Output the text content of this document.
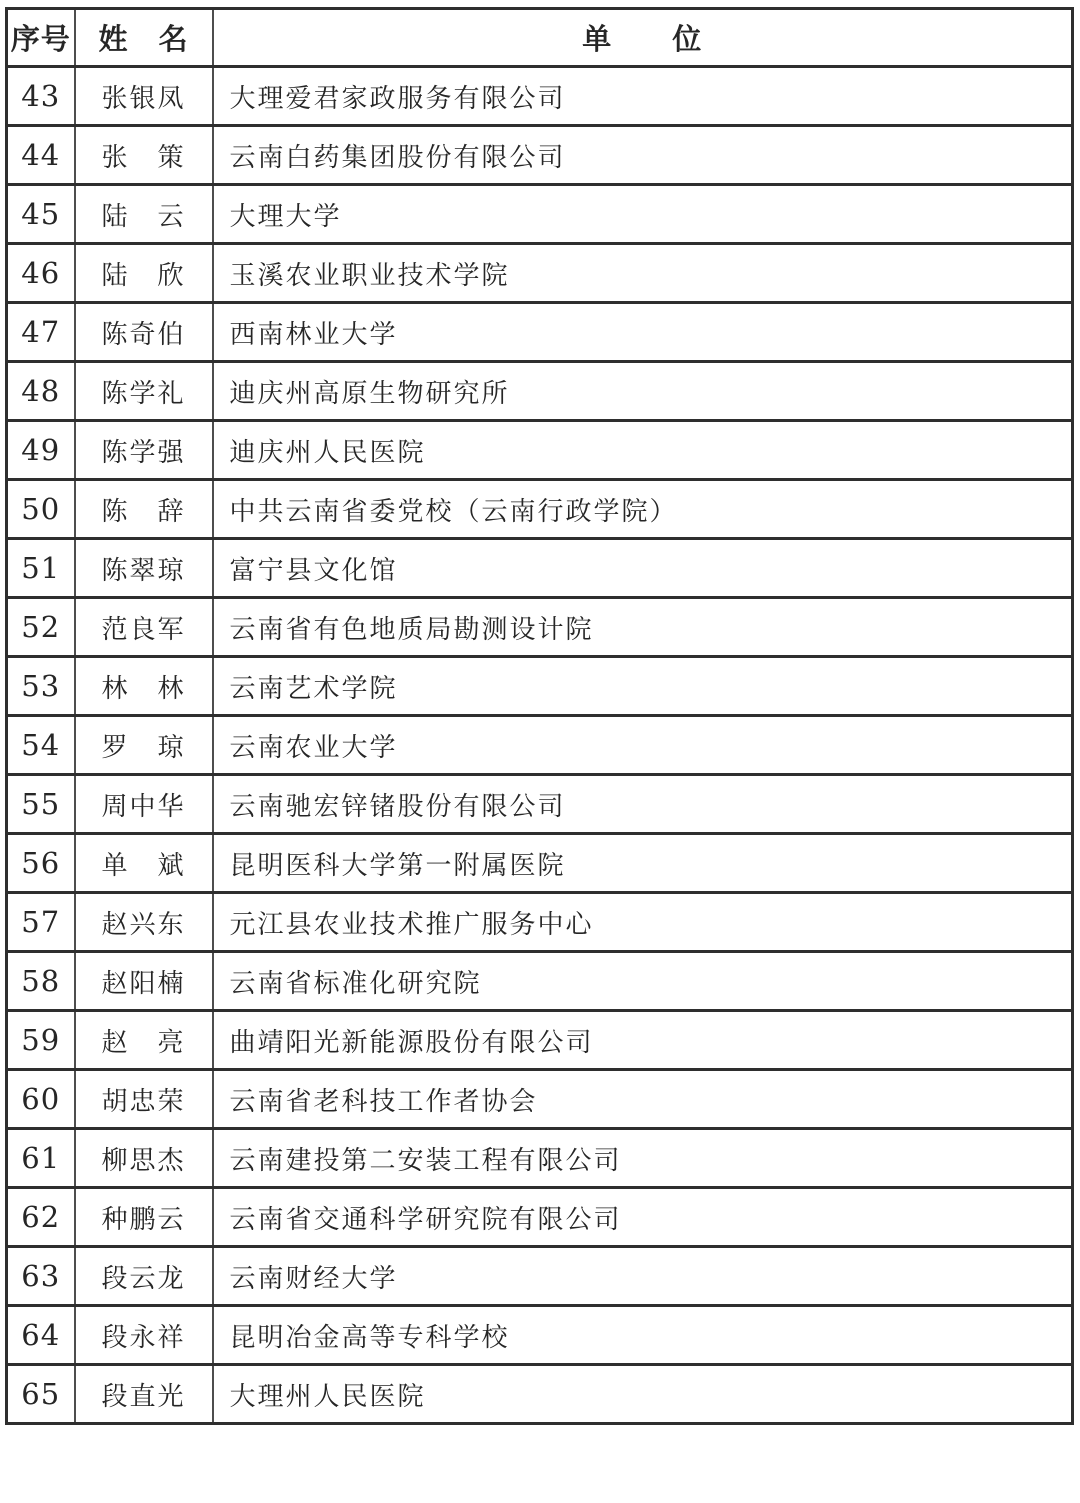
序号	姓　名	单　　位
43	张银凤	大理爱君家政服务有限公司
44	张　策	云南白药集团股份有限公司
45	陆　云	大理大学
46	陆　欣	玉溪农业职业技术学院
47	陈奇伯	西南林业大学
48	陈学礼	迪庆州高原生物研究所
49	陈学强	迪庆州人民医院
50	陈　辞	中共云南省委党校（云南行政学院）
51	陈翠琼	富宁县文化馆
52	范良军	云南省有色地质局勘测设计院
53	林　林	云南艺术学院
54	罗　琼	云南农业大学
55	周中华	云南驰宏锌锗股份有限公司
56	单　斌	昆明医科大学第一附属医院
57	赵兴东	元江县农业技术推广服务中心
58	赵阳楠	云南省标准化研究院
59	赵　亮	曲靖阳光新能源股份有限公司
60	胡忠荣	云南省老科技工作者协会
61	柳思杰	云南建投第二安装工程有限公司
62	种鹏云	云南省交通科学研究院有限公司
63	段云龙	云南财经大学
64	段永祥	昆明冶金高等专科学校
65	段直光	大理州人民医院
